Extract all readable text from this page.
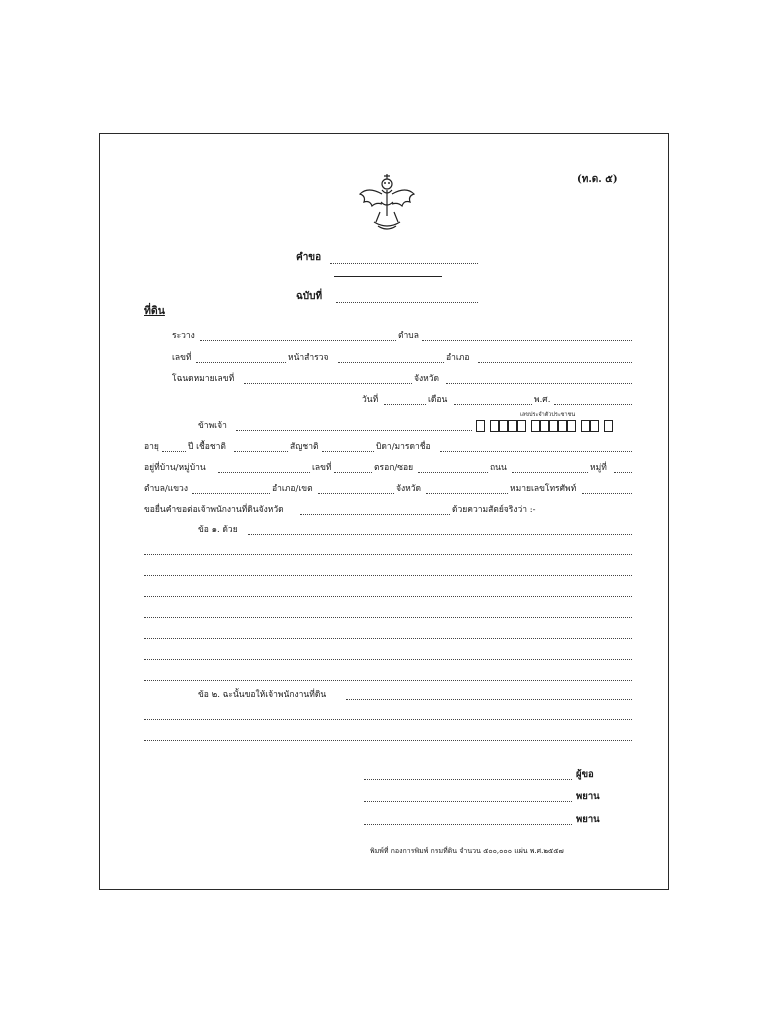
(ท.ด. ๕)
คำขอ
ฉบับที่
ที่ดิน
ระวาง	ตำบล
เลขที่	หน้าสำรวจ	อำเภอ
โฉนดหมายเลขที่	จังหวัด
วันที่	เดือน	พ.ศ.
เลขประจำตัวประชาชน
ข้าพเจ้า
อายุ	ปี เชื้อชาติ	สัญชาติ	บิดา/มารดาชื่อ
อยู่ที่บ้าน/หมู่บ้าน	เลขที่	ตรอก/ซอย	ถนน	หมู่ที่
ตำบล/แขวง	อำเภอ/เขต	จังหวัด	หมายเลขโทรศัพท์
ขอยื่นคำขอต่อเจ้าพนักงานที่ดินจังหวัด	ด้วยความสัตย์จริงว่า :-
ข้อ ๑. ด้วย
ข้อ ๒. ฉะนั้นขอให้เจ้าพนักงานที่ดิน
ผู้ขอ
พยาน
พยาน
พิมพ์ที่ กองการพิมพ์ กรมที่ดิน จำนวน ๕๐๐,๐๐๐ แผ่น พ.ศ.๒๕๕๗
